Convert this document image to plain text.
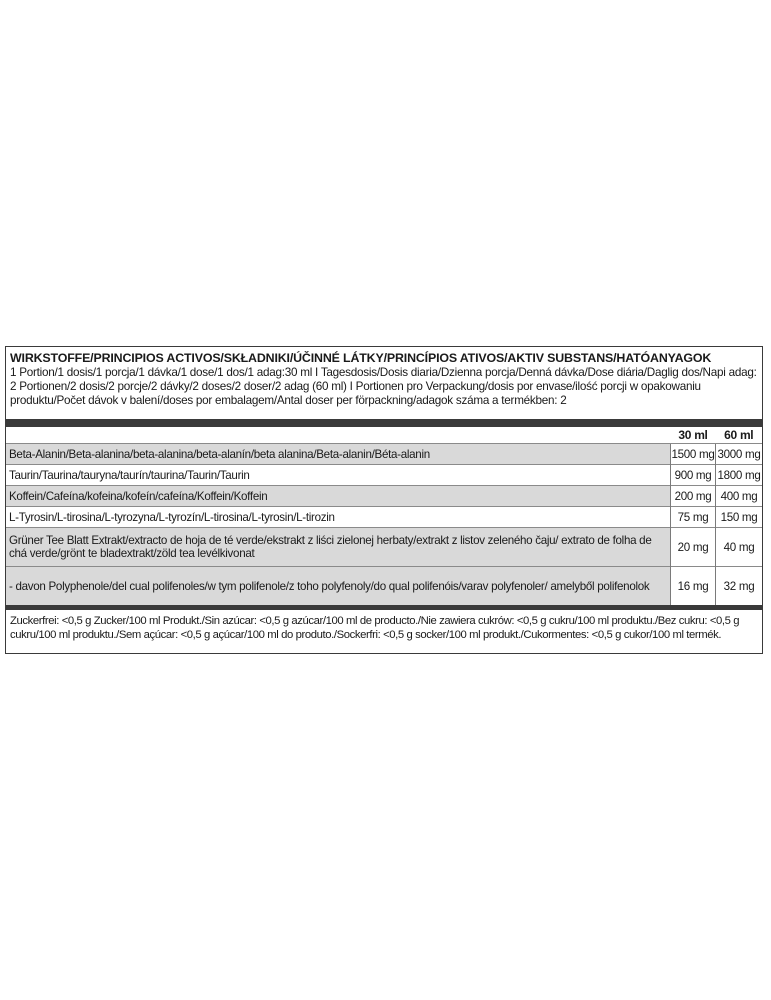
WIRKSTOFFE/PRINCIPIOS ACTIVOS/SKŁADNIKI/ÚČINNÉ LÁTKY/PRINCÍPIOS ATIVOS/AKTIV SUBSTANS/HATÓANYAGOK
1 Portion/1 dosis/1 porcja/1 dávka/1 dose/1 dos/1 adag:30 ml I Tagesdosis/Dosis diaria/Dzienna porcja/Denná dávka/Dose diária/Daglig dos/Napi adag: 2 Portionen/2 dosis/2 porcje/2 dávky/2 doses/2 doser/2 adag (60 ml) I Portionen pro Verpackung/dosis por envase/ilość porcji w opakowaniu produktu/Počet dávok v balení/doses por embalagem/Antal doser per förpackning/adagok száma a termékben: 2
	30 ml	60 ml
Beta-Alanin/Beta-alanina/beta-alanina/beta-alanín/beta alanina/Beta-alanin/Béta-alanin	1500 mg	3000 mg
Taurin/Taurina/tauryna/taurín/taurina/Taurin/Taurin	900 mg	1800 mg
Koffein/Cafeína/kofeina/kofeín/cafeína/Koffein/Koffein	200 mg	400 mg
L-Tyrosin/L-tirosina/L-tyrozyna/L-tyrozín/L-tirosina/L-tyrosin/L-tirozin	75 mg	150 mg
Grüner Tee Blatt Extrakt/extracto de hoja de té verde/ekstrakt z liści zielonej herbaty/extrakt z listov zeleného čaju/ extrato de folha de chá verde/grönt te bladextrakt/zöld tea levélkivonat	20 mg	40 mg
- davon Polyphenole/del cual polifenoles/w tym polifenole/z toho polyfenoly/do qual polifenóis/varav polyfenoler/ amelyből polifenolok	16 mg	32 mg
Zuckerfrei: <0,5 g Zucker/100 ml Produkt./Sin azúcar: <0,5 g azúcar/100 ml de producto./Nie zawiera cukrów: <0,5 g cukru/100 ml produktu./Bez cukru: <0,5 g cukru/100 ml produktu./Sem açúcar: <0,5 g açúcar/100 ml do produto./Sockerfri: <0,5 g socker/100 ml produkt./Cukormentes: <0,5 g cukor/100 ml termék.
